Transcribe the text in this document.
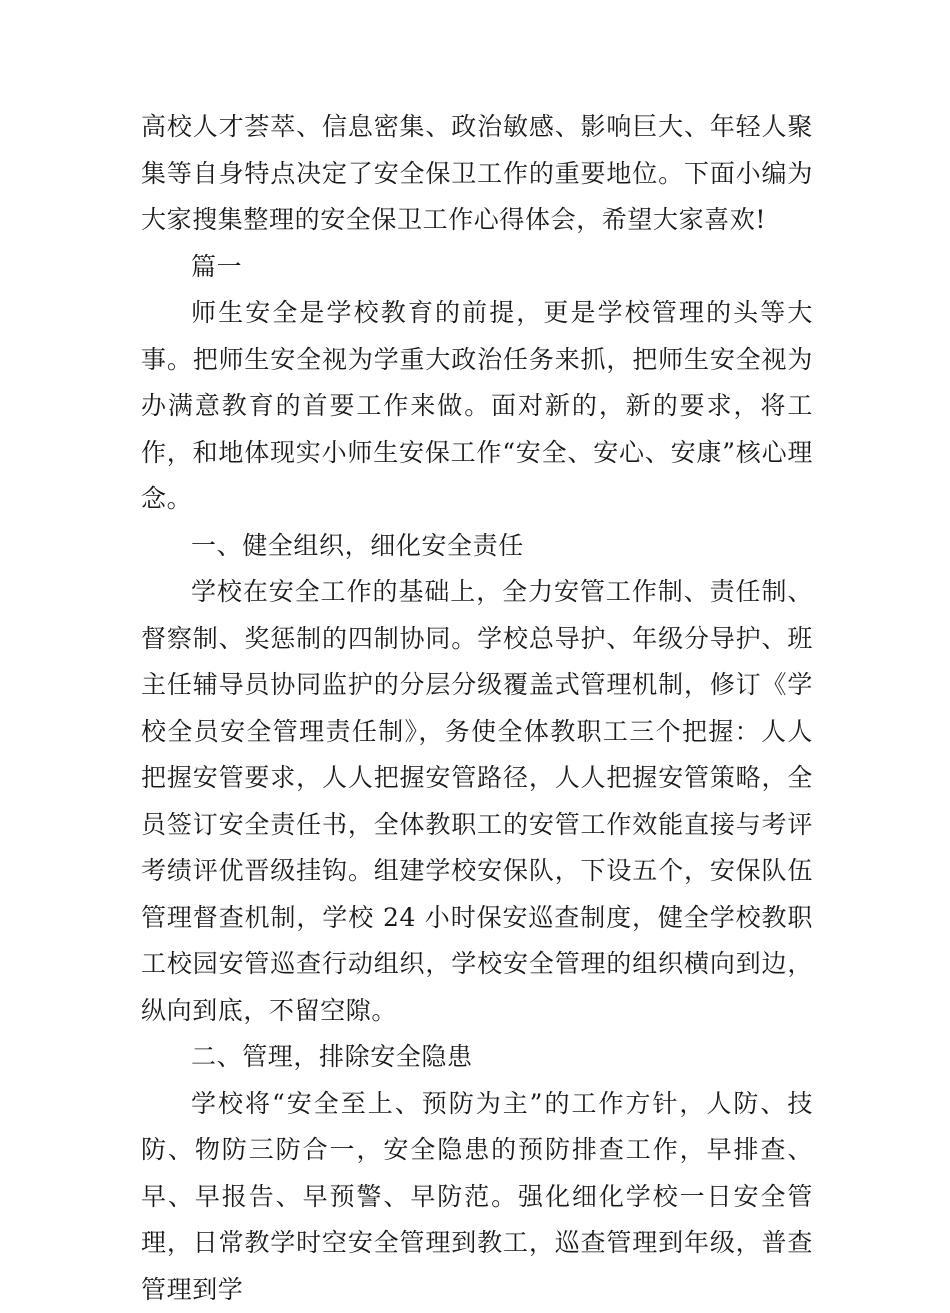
高校人才荟萃、信息密集、政治敏感、影响巨大、年轻人聚集等自身特点决定了安全保卫工作的重要地位。下面小编为大家搜集整理的安全保卫工作心得体会，希望大家喜欢!

篇一

师生安全是学校教育的前提，更是学校管理的头等大事。把师生安全视为学重大政治任务来抓，把师生安全视为办满意教育的首要工作来做。面对新的，新的要求，将工作，和地体现实小师生安保工作“安全、安心、安康”核心理念。

一、健全组织，细化安全责任

学校在安全工作的基础上，全力安管工作制、责任制、督察制、奖惩制的四制协同。学校总导护、年级分导护、班主任辅导员协同监护的分层分级覆盖式管理机制，修订《学校全员安全管理责任制》，务使全体教职工三个把握：人人把握安管要求，人人把握安管路径，人人把握安管策略，全员签订安全责任书，全体教职工的安管工作效能直接与考评考绩评优晋级挂钩。组建学校安保队，下设五个，安保队伍管理督查机制，学校 24 小时保安巡查制度，健全学校教职工校园安管巡查行动组织，学校安全管理的组织横向到边，纵向到底，不留空隙。

二、管理，排除安全隐患

学校将“安全至上、预防为主”的工作方针，人防、技防、物防三防合一，安全隐患的预防排查工作，早排查、早、早报告、早预警、早防范。强化细化学校一日安全管理，日常教学时空安全管理到教工，巡查管理到年级，普查管理到学
